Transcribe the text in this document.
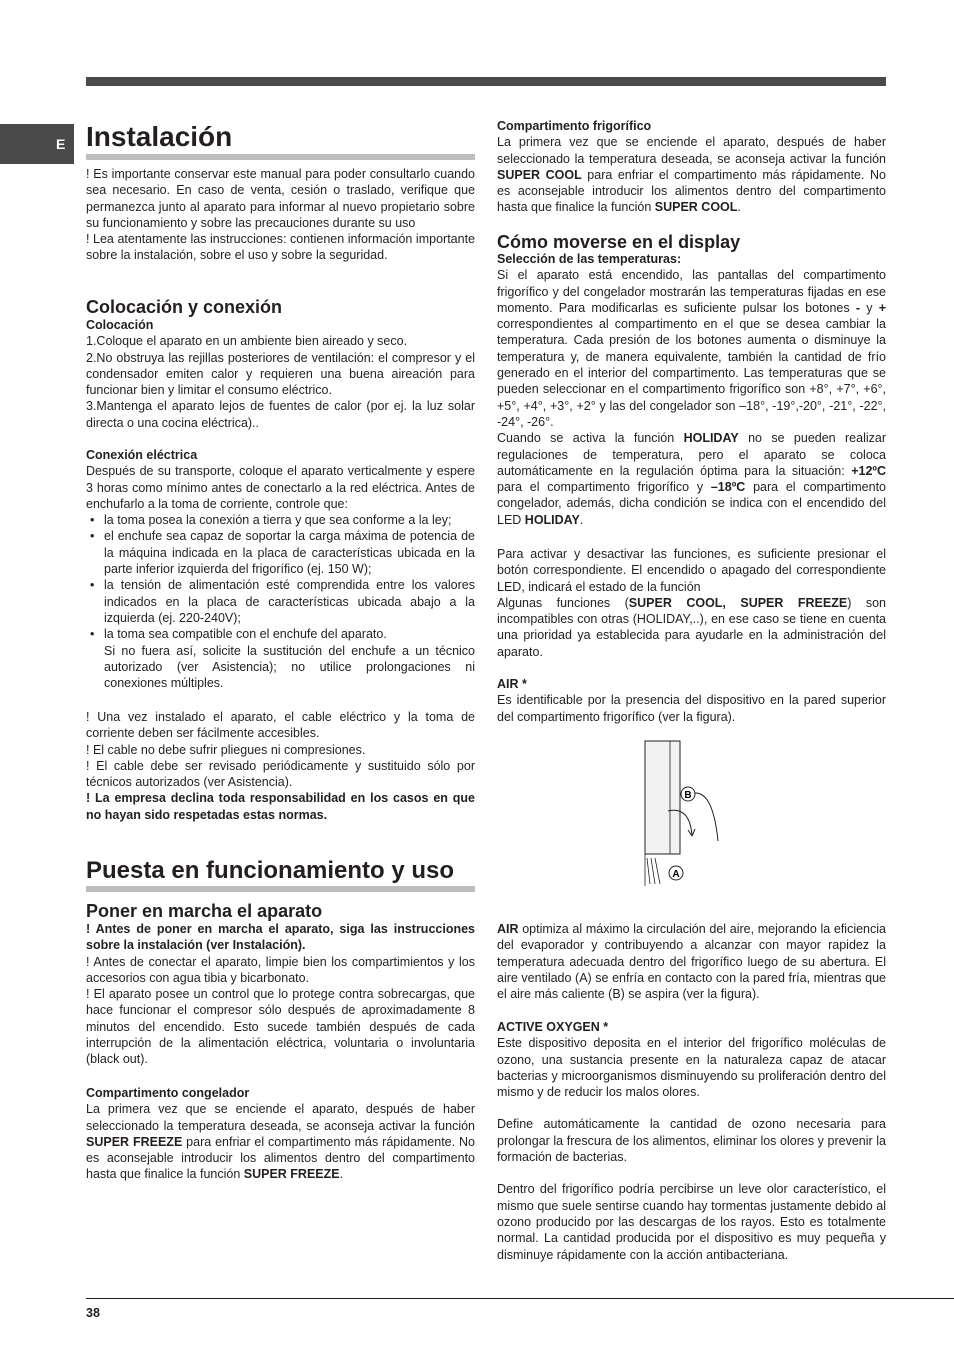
E Instalación

! Es importante conservar este manual para poder consultarlo cuando sea necesario. En caso de venta, cesión o traslado, verifique que permanezca junto al aparato para informar al nuevo propietario sobre su funcionamiento y sobre las precauciones durante su uso

! Lea atentamente las instrucciones: contienen información importante sobre la instalación, sobre el uso y sobre la seguridad.

Colocación y conexión
Colocación

1.Coloque el aparato en un ambiente bien aireado y seco.

2.No obstruya las rejillas posteriores de ventilación: el compresor y el condensador emiten calor y requieren una buena aireación para funcionar bien y limitar el consumo eléctrico.

3.Mantenga el aparato lejos de fuentes de calor (por ej. la luz solar directa o una cocina eléctrica)..

Conexión eléctrica

Después de su transporte, coloque el aparato verticalmente y espere 3 horas como mínimo antes de conectarlo a la red eléctrica. Antes de enchufarlo a la toma de corriente, controle que:

• la toma posea la conexión a tierra y que sea conforme a la ley;
• el enchufe sea capaz de soportar la carga máxima de potencia de la máquina indicada en la placa de características ubicada en la parte inferior izquierda del frigorífico (ej. 150 W);
• la tensión de alimentación esté comprendida entre los valores indicados en la placa de características ubicada abajo a la izquierda (ej. 220-240V);
• la toma sea compatible con el enchufe del aparato.

Si no fuera así, solicite la sustitución del enchufe a un técnico autorizado (ver Asistencia); no utilice prolongaciones ni conexiones múltiples.

! Una vez instalado el aparato, el cable eléctrico y la toma de corriente deben ser fácilmente accesibles.

! El cable no debe sufrir pliegues ni compresiones.

! El cable debe ser revisado periódicamente y sustituido sólo por técnicos autorizados (ver Asistencia).

! La empresa declina toda responsabilidad en los casos en que no hayan sido respetadas estas normas.

Puesta en funcionamiento y uso
Poner en marcha el aparato

! Antes de poner en marcha el aparato, siga las instrucciones sobre la instalación (ver Instalación).

! Antes de conectar el aparato, limpie bien los compartimientos y los accesorios con agua tibia y bicarbonato.

! El aparato posee un control que lo protege contra sobrecargas, que hace funcionar el compresor sólo después de aproximadamente 8 minutos del encendido. Esto sucede también después de cada interrupción de la alimentación eléctrica, voluntaria o involuntaria (black out).

Compartimento congelador

La primera vez que se enciende el aparato, después de haber seleccionado la temperatura deseada, se aconseja activar la función SUPER FREEZE para enfriar el compartimento más rápidamente. No es aconsejable introducir los alimentos dentro del compartimento hasta que finalice la función SUPER FREEZE.

Compartimento frigorífico

La primera vez que se enciende el aparato, después de haber seleccionado la temperatura deseada, se aconseja activar la función SUPER COOL para enfriar el compartimento más rápidamente. No es aconsejable introducir los alimentos dentro del compartimento hasta que finalice la función SUPER COOL.

Cómo moverse en el display
Selección de las temperaturas:

Si el aparato está encendido, las pantallas del compartimento frigorífico y del congelador mostrarán las temperaturas fijadas en ese momento. Para modificarlas es suficiente pulsar los botones - y + correspondientes al compartimento en el que se desea cambiar la temperatura. Cada presión de los botones aumenta o disminuye la temperatura y, de manera equivalente, también la cantidad de frío generado en el interior del compartimento. Las temperaturas que se pueden seleccionar en el compartimento frigorífico son +8°, +7°, +6°, +5°, +4°, +3°, +2° y las del congelador son –18°, -19°,-20°, -21°, -22°, -24°, -26°.

Cuando se activa la función HOLIDAY no se pueden realizar regulaciones de temperatura, pero el aparato se coloca automáticamente en la regulación óptima para la situación: +12ºC para el compartimento frigorífico y –18ºC para el compartimento congelador, además, dicha condición se indica con el encendido del LED HOLIDAY.

Para activar y desactivar las funciones, es suficiente presionar el botón correspondiente. El encendido o apagado del correspondiente LED, indicará el estado de la función

Algunas funciones (SUPER COOL, SUPER FREEZE) son incompatibles con otras (HOLIDAY,..), en ese caso se tiene en cuenta una prioridad ya establecida para ayudarle en la administración del aparato.

AIR *

Es identificable por la presencia del dispositivo en la pared superior del compartimento frigorífico (ver la figura).

B
A

AIR optimiza al máximo la circulación del aire, mejorando la eficiencia del evaporador y contribuyendo a alcanzar con mayor rapidez la temperatura adecuada dentro del frigorífico luego de su abertura. El aire ventilado (A) se enfría en contacto con la pared fría, mientras que el aire más caliente (B) se aspira (ver la figura).

ACTIVE OXYGEN *

Este dispositivo deposita en el interior del frigorífico moléculas de ozono, una sustancia presente en la naturaleza capaz de atacar bacterias y microorganismos disminuyendo su proliferación dentro del mismo y de reducir los malos olores.

Define automáticamente la cantidad de ozono necesaria para prolongar la frescura de los alimentos, eliminar los olores y prevenir la formación de bacterias.

Dentro del frigorífico podría percibirse un leve olor característico, el mismo que suele sentirse cuando hay tormentas justamente debido al ozono producido por las descargas de los rayos. Esto es totalmente normal. La cantidad producida por el dispositivo es muy pequeña y disminuye rápidamente con la acción antibacteriana.

38
